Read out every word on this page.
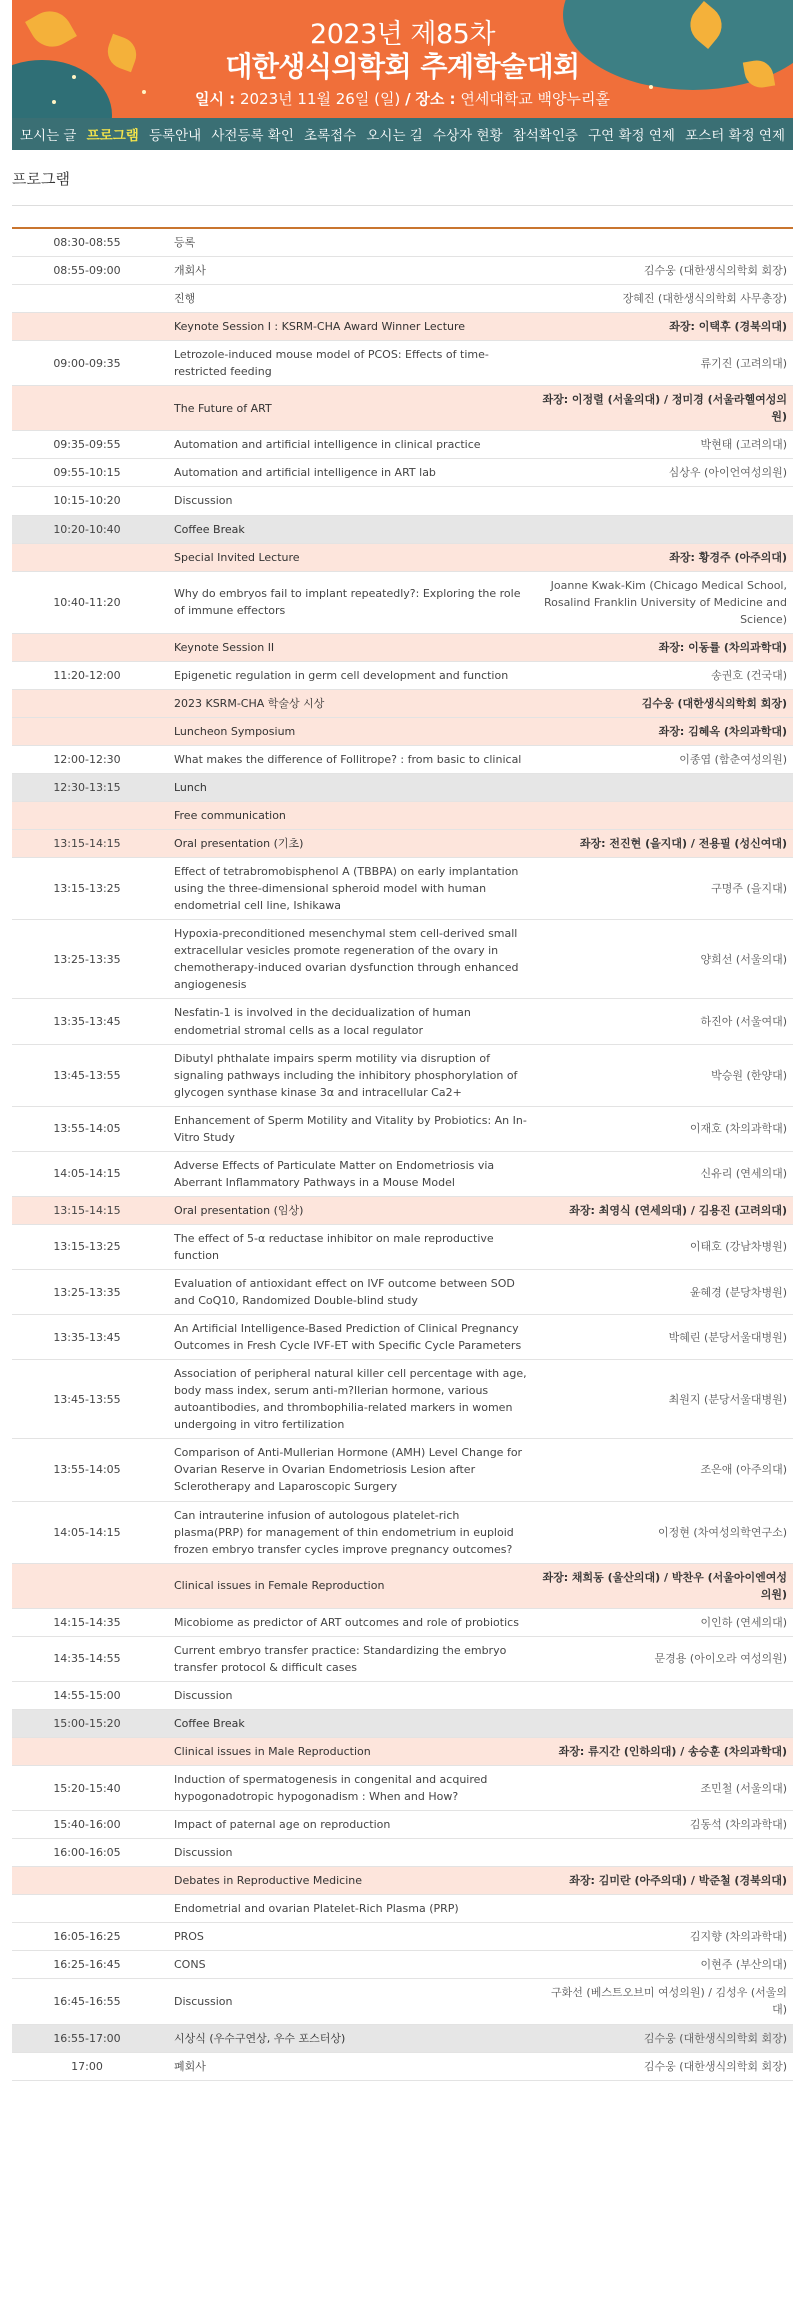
2023년 제85차
대한생식의학회 추계학술대회
일시 : 2023년 11월 26일 (일) / 장소 : 연세대학교 백양누리홀
모시는 글 프로그램 등록안내 사전등록 확인 초록접수 오시는 길 수상자 현황 참석확인증 구연 확정 연제 포스터 확정 연제
프로그램
08:30-08:55	등록	
08:55-09:00	개회사	김수웅 (대한생식의학회 회장)
	진행	장혜진 (대한생식의학회 사무총장)
	Keynote Session I : KSRM-CHA Award Winner Lecture	좌장: 이택후 (경북의대)
09:00-09:35	Letrozole-induced mouse model of PCOS: Effects of time-restricted feeding	류기진 (고려의대)
	The Future of ART	좌장: 이정렬 (서울의대) / 정미경 (서울라헬여성의원)
09:35-09:55	Automation and artificial intelligence in clinical practice	박현태 (고려의대)
09:55-10:15	Automation and artificial intelligence in ART lab	심상우 (아이언여성의원)
10:15-10:20	Discussion	
10:20-10:40	Coffee Break	
	Special Invited Lecture	좌장: 황경주 (아주의대)
10:40-11:20	Why do embryos fail to implant repeatedly?: Exploring the role of immune effectors	Joanne Kwak-Kim (Chicago Medical School, Rosalind Franklin University of Medicine and Science)
	Keynote Session II	좌장: 이동률 (차의과학대)
11:20-12:00	Epigenetic regulation in germ cell development and function	송권호 (건국대)
	2023 KSRM-CHA 학술상 시상	김수웅 (대한생식의학회 회장)
	Luncheon Symposium	좌장: 김혜옥 (차의과학대)
12:00-12:30	What makes the difference of Follitrope? : from basic to clinical	이종엽 (함춘여성의원)
12:30-13:15	Lunch	
	Free communication	
13:15-14:15	Oral presentation (기초)	좌장: 전진현 (을지대) / 전용필 (성신여대)
13:15-13:25	Effect of tetrabromobisphenol A (TBBPA) on early implantation using the three-dimensional spheroid model with human endometrial cell line, Ishikawa	구명주 (을지대)
13:25-13:35	Hypoxia-preconditioned mesenchymal stem cell-derived small extracellular vesicles promote regeneration of the ovary in chemotherapy-induced ovarian dysfunction through enhanced angiogenesis	양희선 (서울의대)
13:35-13:45	Nesfatin-1 is involved in the decidualization of human endometrial stromal cells as a local regulator	하진아 (서울여대)
13:45-13:55	Dibutyl phthalate impairs sperm motility via disruption of signaling pathways including the inhibitory phosphorylation of glycogen synthase kinase 3α and intracellular Ca2+	박승원 (한양대)
13:55-14:05	Enhancement of Sperm Motility and Vitality by Probiotics: An In-Vitro Study	이재호 (차의과학대)
14:05-14:15	Adverse Effects of Particulate Matter on Endometriosis via Aberrant Inflammatory Pathways in a Mouse Model	신유리 (연세의대)
13:15-14:15	Oral presentation (임상)	좌장: 최영식 (연세의대) / 김용진 (고려의대)
13:15-13:25	The effect of 5-α reductase inhibitor on male reproductive function	이태호 (강남차병원)
13:25-13:35	Evaluation of antioxidant effect on IVF outcome between SOD and CoQ10, Randomized Double-blind study	윤혜경 (분당차병원)
13:35-13:45	An Artificial Intelligence-Based Prediction of Clinical Pregnancy Outcomes in Fresh Cycle IVF-ET with Specific Cycle Parameters	박혜린 (분당서울대병원)
13:45-13:55	Association of peripheral natural killer cell percentage with age, body mass index, serum anti-m?llerian hormone, various autoantibodies, and thrombophilia-related markers in women undergoing in vitro fertilization	최원지 (분당서울대병원)
13:55-14:05	Comparison of Anti-Mullerian Hormone (AMH) Level Change for Ovarian Reserve in Ovarian Endometriosis Lesion after Sclerotherapy and Laparoscopic Surgery	조은애 (아주의대)
14:05-14:15	Can intrauterine infusion of autologous platelet-rich plasma(PRP) for management of thin endometrium in euploid frozen embryo transfer cycles improve pregnancy outcomes?	이정현 (차여성의학연구소)
	Clinical issues in Female Reproduction	좌장: 채희동 (울산의대) / 박찬우 (서울아이엔여성의원)
14:15-14:35	Micobiome as predictor of ART outcomes and role of probiotics	이인하 (연세의대)
14:35-14:55	Current embryo transfer practice: Standardizing the embryo transfer protocol & difficult cases	문경용 (아이오라 여성의원)
14:55-15:00	Discussion	
15:00-15:20	Coffee Break	
	Clinical issues in Male Reproduction	좌장: 류지간 (인하의대) / 송승훈 (차의과학대)
15:20-15:40	Induction of spermatogenesis in congenital and acquired hypogonadotropic hypogonadism : When and How?	조민철 (서울의대)
15:40-16:00	Impact of paternal age on reproduction	김동석 (차의과학대)
16:00-16:05	Discussion	
	Debates in Reproductive Medicine	좌장: 김미란 (아주의대) / 박준철 (경북의대)
	Endometrial and ovarian Platelet-Rich Plasma (PRP)	
16:05-16:25	PROS	김지향 (차의과학대)
16:25-16:45	CONS	이현주 (부산의대)
16:45-16:55	Discussion	구화선 (베스트오브미 여성의원) / 김성우 (서울의대)
16:55-17:00	시상식 (우수구연상, 우수 포스터상)	김수웅 (대한생식의학회 회장)
17:00	폐회사	김수웅 (대한생식의학회 회장)
